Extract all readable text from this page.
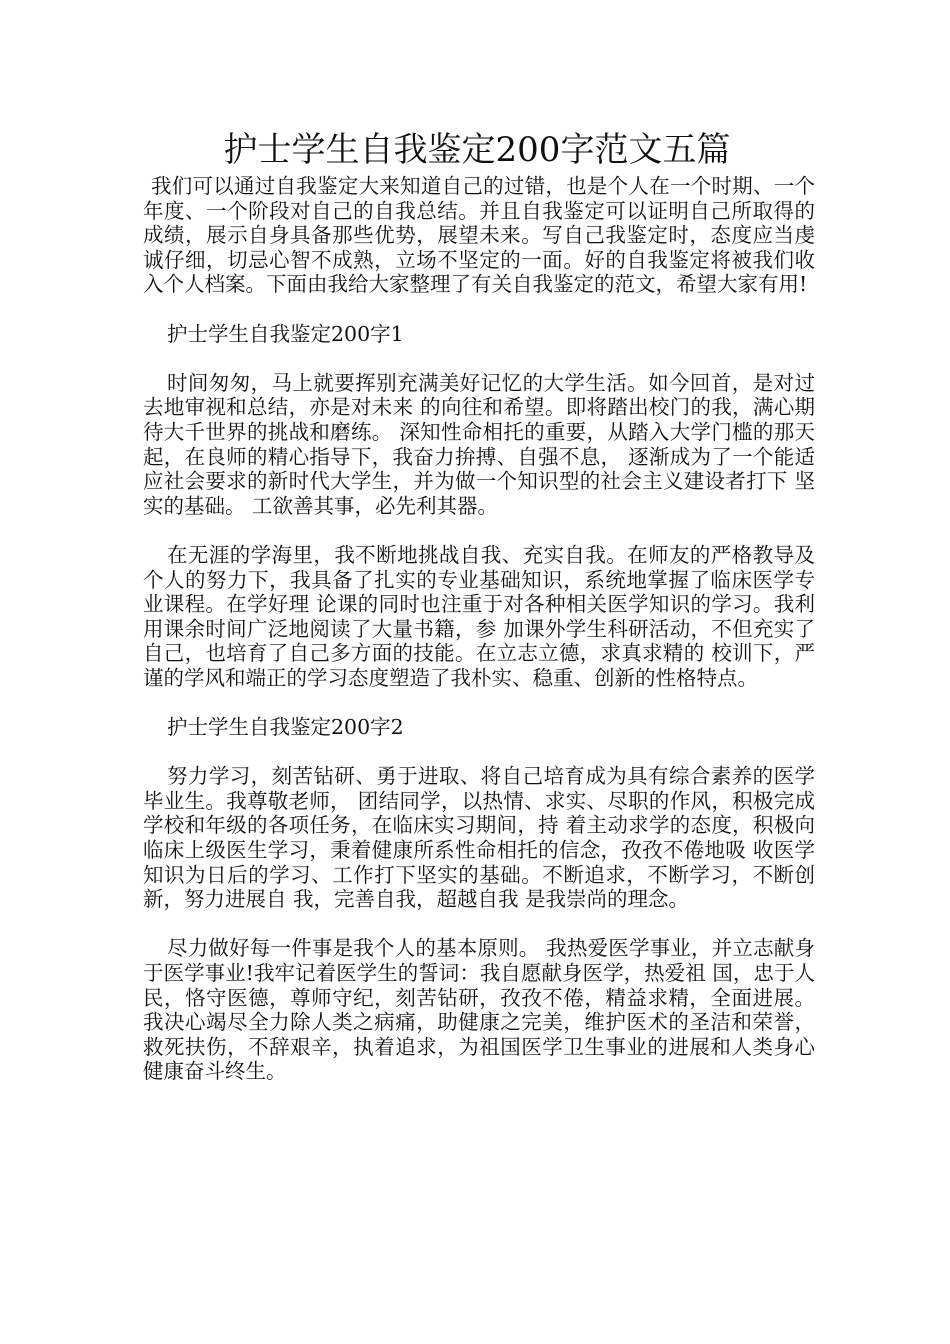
护士学生自我鉴定200字范文五篇

我们可以通过自我鉴定大来知道自己的过错，也是个人在一个时期、一个年度、一个阶段对自己的自我总结。并且自我鉴定可以证明自己所取得的成绩，展示自身具备那些优势，展望未来。写自己我鉴定时，态度应当虔诚仔细，切忌心智不成熟，立场不坚定的一面。好的自我鉴定将被我们收入个人档案。下面由我给大家整理了有关自我鉴定的范文，希望大家有用!

护士学生自我鉴定200字1

时间匆匆，马上就要挥别充满美好记忆的大学生活。如今回首，是对过去地审视和总结，亦是对未来 的向往和希望。即将踏出校门的我，满心期待大千世界的挑战和磨练。 深知性命相托的重要，从踏入大学门槛的那天起，在良师的精心指导下，我奋力拚搏、自强不息， 逐渐成为了一个能适应社会要求的新时代大学生，并为做一个知识型的社会主义建设者打下 坚实的基础。 工欲善其事，必先利其器。

在无涯的学海里，我不断地挑战自我、充实自我。在师友的严格教导及个人的努力下，我具备了扎实的专业基础知识，系统地掌握了临床医学专业课程。在学好理 论课的同时也注重于对各种相关医学知识的学习。我利用课余时间广泛地阅读了大量书籍，参 加课外学生科研活动，不但充实了自己，也培育了自己多方面的技能。在立志立德，求真求精的 校训下，严谨的学风和端正的学习态度塑造了我朴实、稳重、创新的性格特点。

护士学生自我鉴定200字2

努力学习，刻苦钻研、勇于进取、将自己培育成为具有综合素养的医学毕业生。我尊敬老师， 团结同学，以热情、求实、尽职的作风，积极完成学校和年级的各项任务，在临床实习期间，持 着主动求学的态度，积极向临床上级医生学习，秉着健康所系性命相托的信念，孜孜不倦地吸 收医学知识为日后的学习、工作打下坚实的基础。不断追求，不断学习，不断创新，努力进展自 我，完善自我，超越自我 是我崇尚的理念。

尽力做好每一件事是我个人的基本原则。 我热爱医学事业，并立志献身于医学事业!我牢记着医学生的誓词：我自愿献身医学，热爱祖 国，忠于人民，恪守医德，尊师守纪，刻苦钻研，孜孜不倦，精益求精，全面进展。我决心竭尽全力除人类之病痛，助健康之完美，维护医术的圣洁和荣誉，救死扶伤，不辞艰辛，执着追求，为祖国医学卫生事业的进展和人类身心健康奋斗终生。
